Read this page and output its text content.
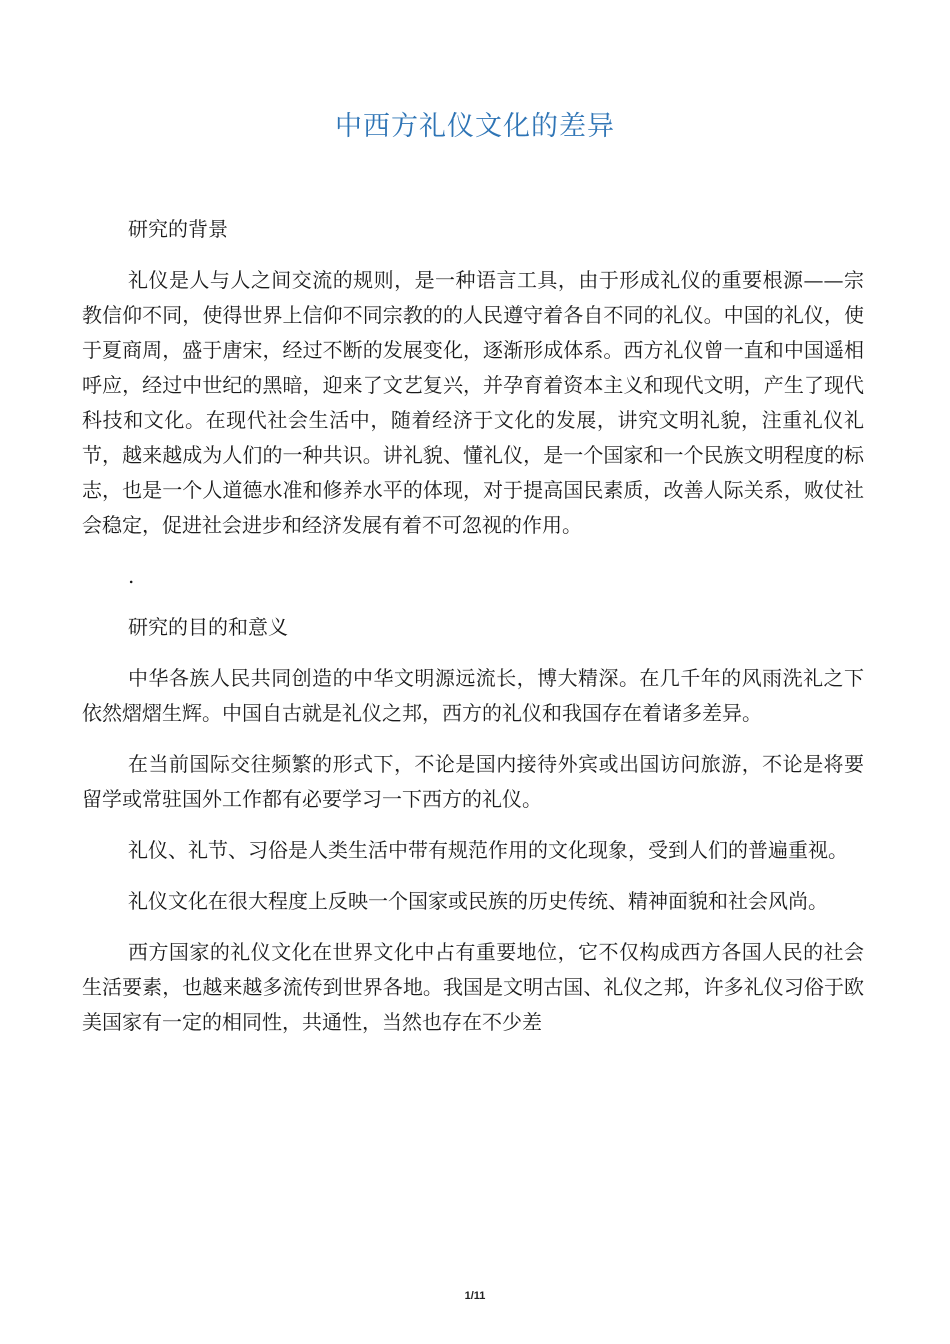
中西方礼仪文化的差异

研究的背景

礼仪是人与人之间交流的规则，是一种语言工具，由于形成礼仪的重要根源——宗教信仰不同，使得世界上信仰不同宗教的的人民遵守着各自不同的礼仪。中国的礼仪，使于夏商周，盛于唐宋，经过不断的发展变化，逐渐形成体系。西方礼仪曾一直和中国遥相呼应，经过中世纪的黑暗，迎来了文艺复兴，并孕育着资本主义和现代文明，产生了现代科技和文化。在现代社会生活中，随着经济于文化的发展，讲究文明礼貌，注重礼仪礼节，越来越成为人们的一种共识。讲礼貌、懂礼仪，是一个国家和一个民族文明程度的标志，也是一个人道德水准和修养水平的体现，对于提高国民素质，改善人际关系，败仗社会稳定，促进社会进步和经济发展有着不可忽视的作用。

.

研究的目的和意义

中华各族人民共同创造的中华文明源远流长，博大精深。在几千年的风雨洗礼之下依然熠熠生辉。中国自古就是礼仪之邦，西方的礼仪和我国存在着诸多差异。

在当前国际交往频繁的形式下，不论是国内接待外宾或出国访问旅游，不论是将要留学或常驻国外工作都有必要学习一下西方的礼仪。

礼仪、礼节、习俗是人类生活中带有规范作用的文化现象，受到人们的普遍重视。

礼仪文化在很大程度上反映一个国家或民族的历史传统、精神面貌和社会风尚。

西方国家的礼仪文化在世界文化中占有重要地位，它不仅构成西方各国人民的社会生活要素，也越来越多流传到世界各地。我国是文明古国、礼仪之邦，许多礼仪习俗于欧美国家有一定的相同性，共通性，当然也存在不少差

1/11
